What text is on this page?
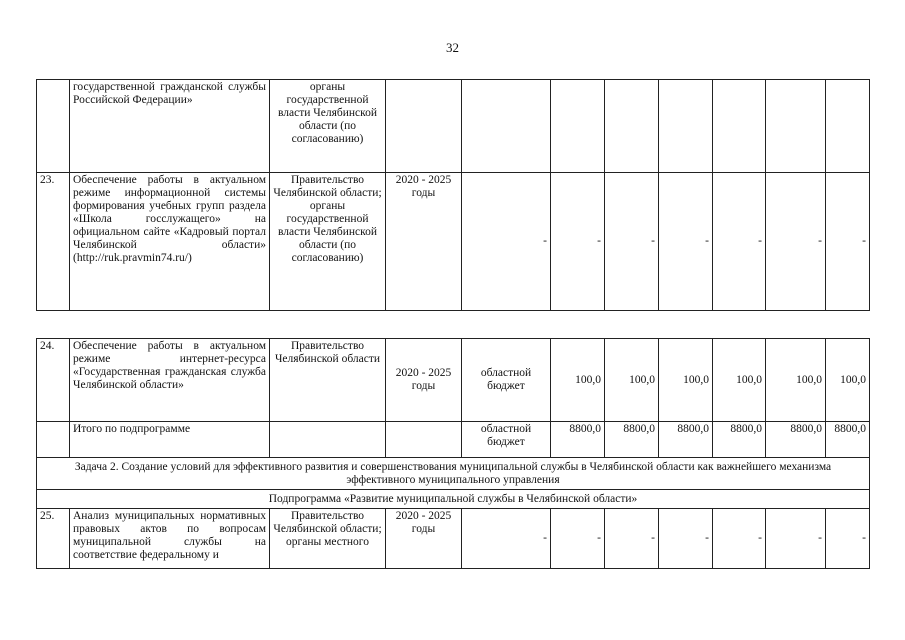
32
	государственной гражданской службы Российской Федерации»	органы государственной власти Челябинской области (по согласованию)								
23.	Обеспечение работы в актуальном режиме информационной системы формирования учебных групп раздела «Школа госслужащего» на официальном сайте «Кадровый портал Челябинской области» (http://ruk.pravmin74.ru/)	Правительство Челябинской области; органы государственной власти Челябинской области (по согласованию)	2020 - 2025 годы	-	-	-	-	-	-	-
24.	Обеспечение работы в актуальном режиме интернет-ресурса «Государственная гражданская служба Челябинской области»	Правительство Челябинской области	2020 - 2025 годы	областной бюджет	100,0	100,0	100,0	100,0	100,0	100,0
	Итого по подпрограмме			областной бюджет	8800,0	8800,0	8800,0	8800,0	8800,0	8800,0
Задача 2. Создание условий для эффективного развития и совершенствования муниципальной службы в Челябинской области как важнейшего механизма эффективного муниципального управления										
Подпрограмма «Развитие муниципальной службы в Челябинской области»										
25.	Анализ муниципальных нормативных правовых актов по вопросам муниципальной службы на соответствие федеральному и	Правительство Челябинской области; органы местного	2020 - 2025 годы	-	-	-	-	-	-	-
